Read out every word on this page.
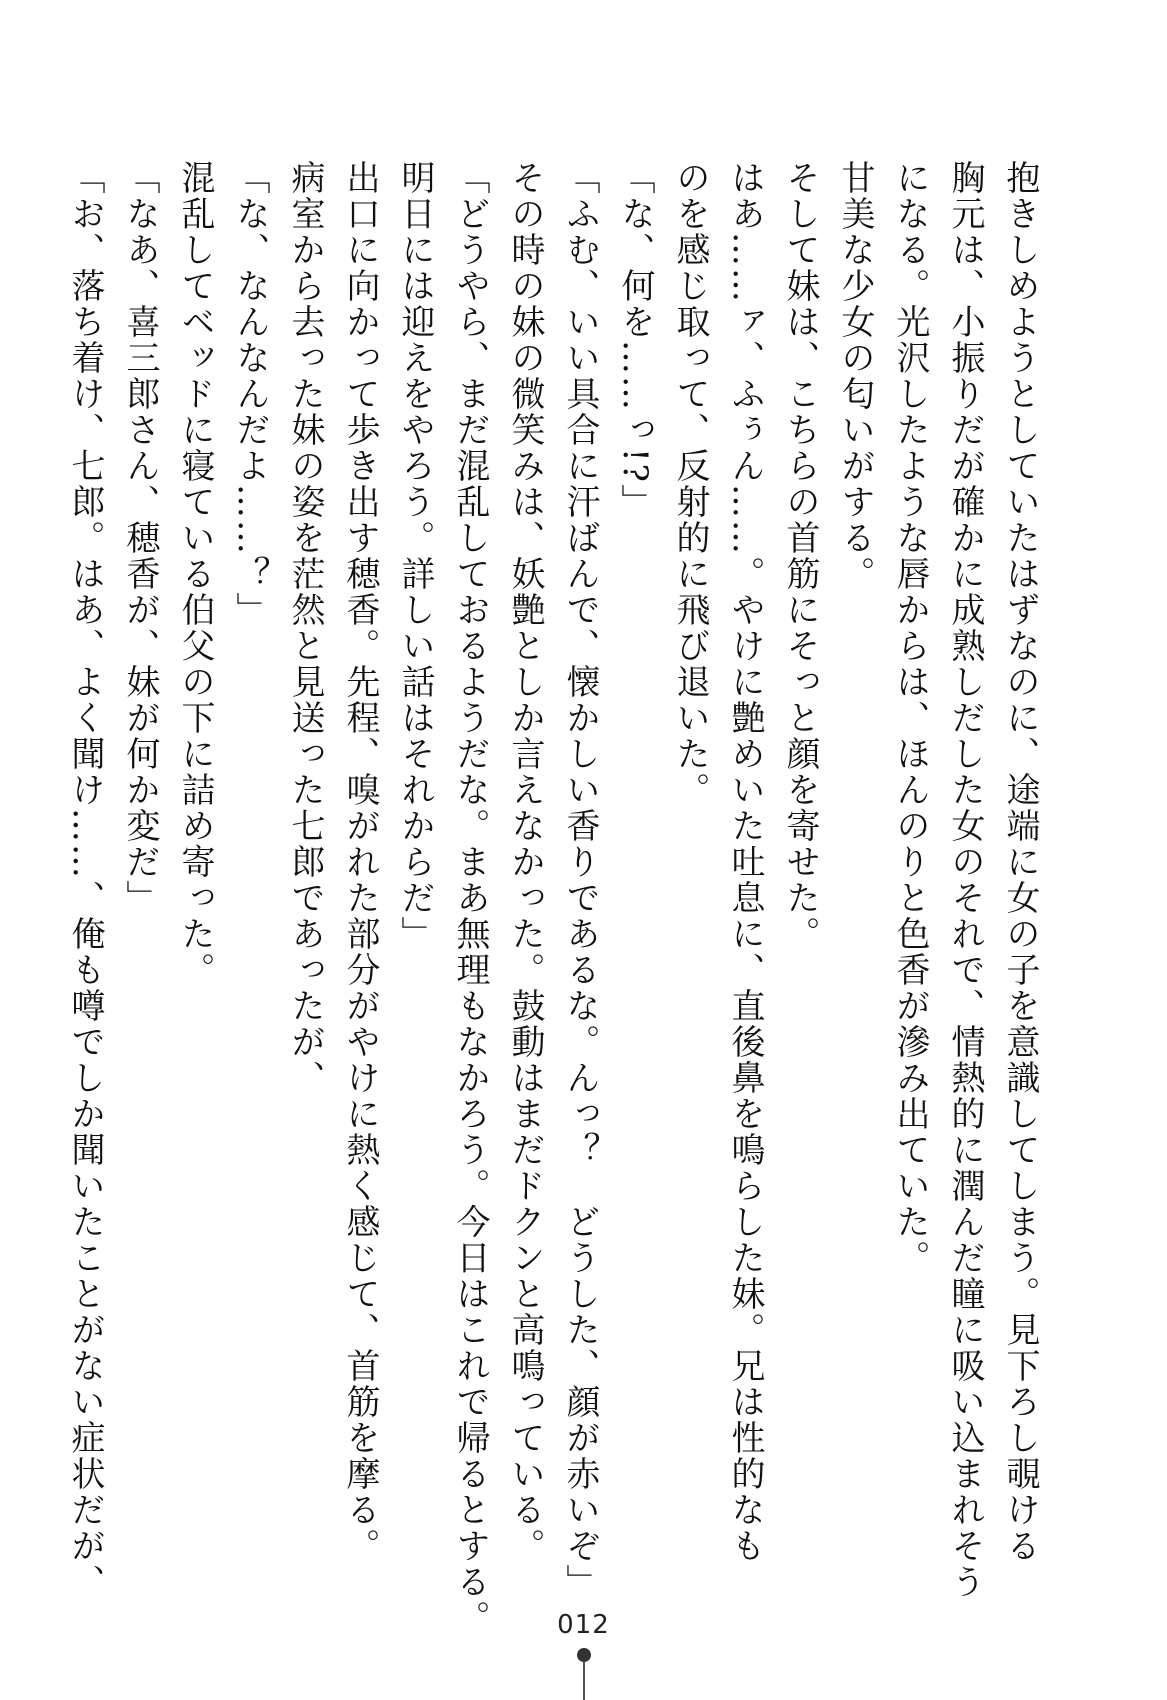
抱きしめようとしていたはずなのに、途端に女の子を意識してしまう。見下ろし覗ける
胸元は、小振りだが確かに成熟しだした女のそれで、情熱的に潤んだ瞳に吸い込まれそう
になる。光沢したような唇からは、ほんのりと色香が滲み出ていた。
甘美な少女の匂いがする。
そして妹は、こちらの首筋にそっと顔を寄せた。
はあ……ァ、ふぅん……。やけに艶めいた吐息に、直後鼻を鳴らした妹。兄は性的なも
のを感じ取って、反射的に飛び退いた。
「な、何を……っ!?」
「ふむ、いい具合に汗ばんで、懐かしい香りであるな。んっ？　どうした、顔が赤いぞ」
その時の妹の微笑みは、妖艶としか言えなかった。鼓動はまだドクンと高鳴っている。
「どうやら、まだ混乱しておるようだな。まあ無理もなかろう。今日はこれで帰るとする。
明日には迎えをやろう。詳しい話はそれからだ」
出口に向かって歩き出す穂香。先程、嗅がれた部分がやけに熱く感じて、首筋を摩る。
病室から去った妹の姿を茫然と見送った七郎であったが、
「な、なんなんだよ……？」
混乱してベッドに寝ている伯父の下に詰め寄った。
「なあ、喜三郎さん、穂香が、妹が何か変だ」
「お、落ち着け、七郎。はあ、よく聞け……、俺も噂でしか聞いたことがない症状だが、
012
